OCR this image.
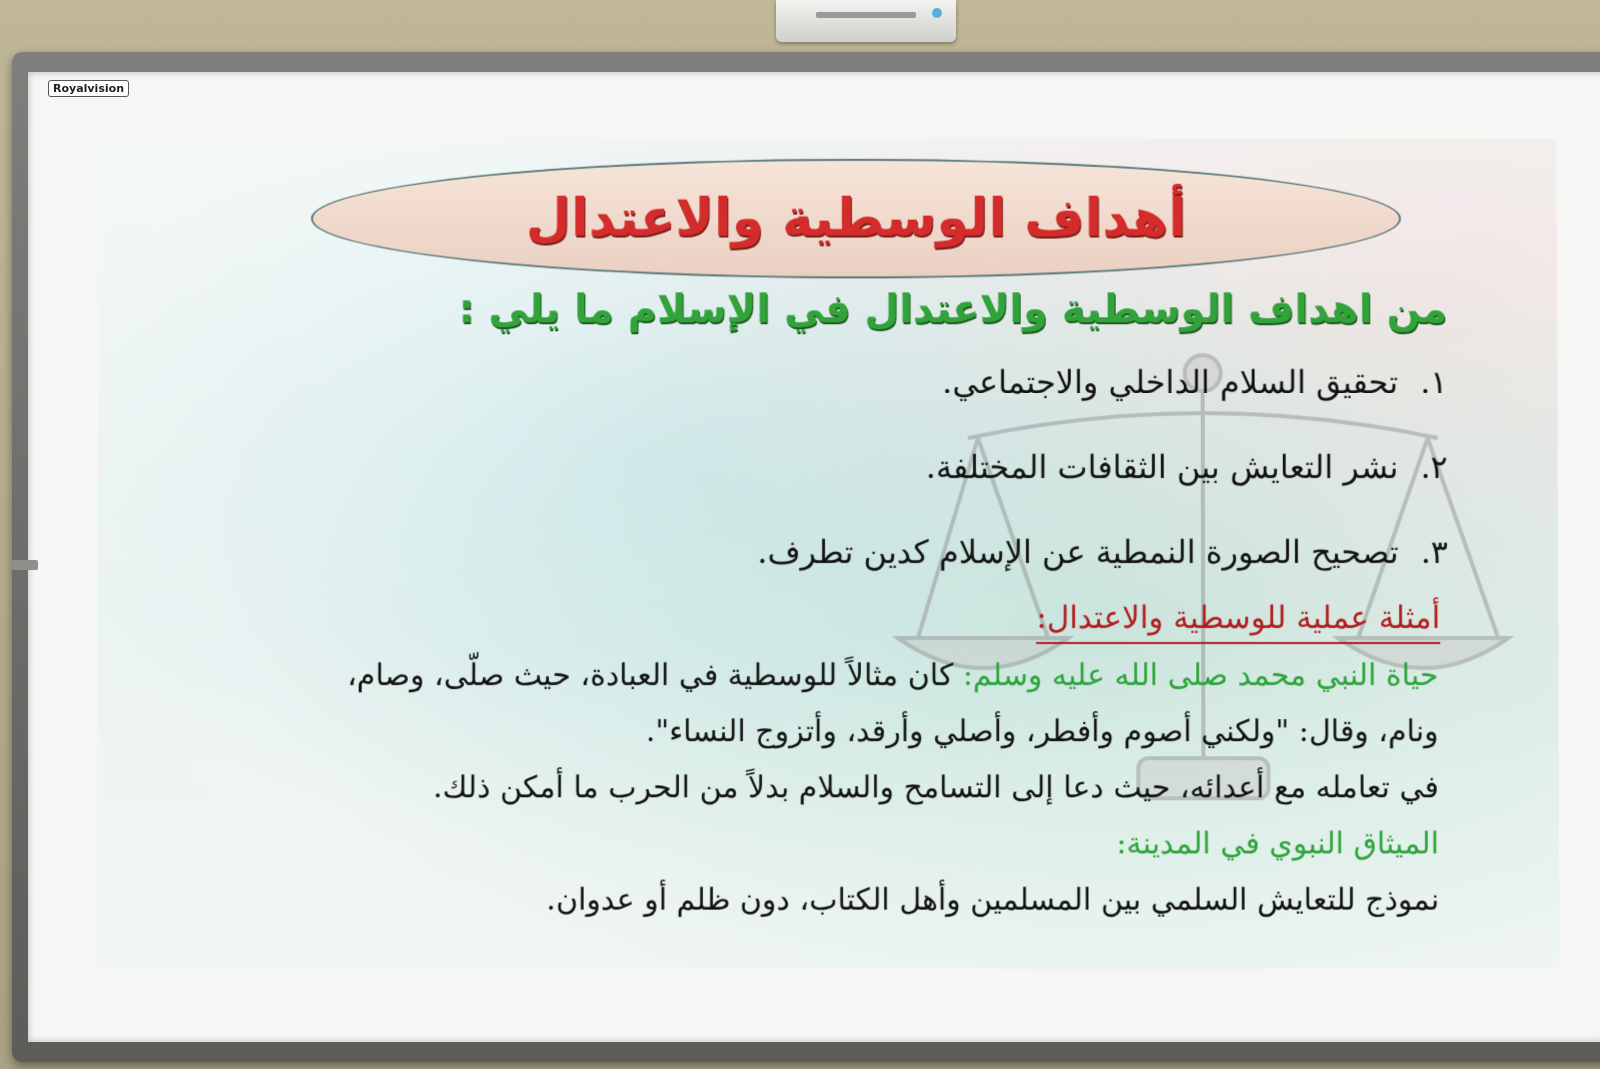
Royalvision
أهداف الوسطية والاعتدال
من اهداف الوسطية والاعتدال في الإسلام ما يلي :
١.تحقيق السلام الداخلي والاجتماعي.
٢.نشر التعايش بين الثقافات المختلفة.
٣.تصحيح الصورة النمطية عن الإسلام كدين تطرف.
أمثلة عملية للوسطية والاعتدال:
حياة النبي محمد صلى الله عليه وسلم: كان مثالاً للوسطية في العبادة، حيث صلّى، وصام،
ونام، وقال: "ولكني أصوم وأفطر، وأصلي وأرقد، وأتزوج النساء".
في تعامله مع أعدائه، حيث دعا إلى التسامح والسلام بدلاً من الحرب ما أمكن ذلك.
الميثاق النبوي في المدينة:
نموذج للتعايش السلمي بين المسلمين وأهل الكتاب، دون ظلم أو عدوان.
